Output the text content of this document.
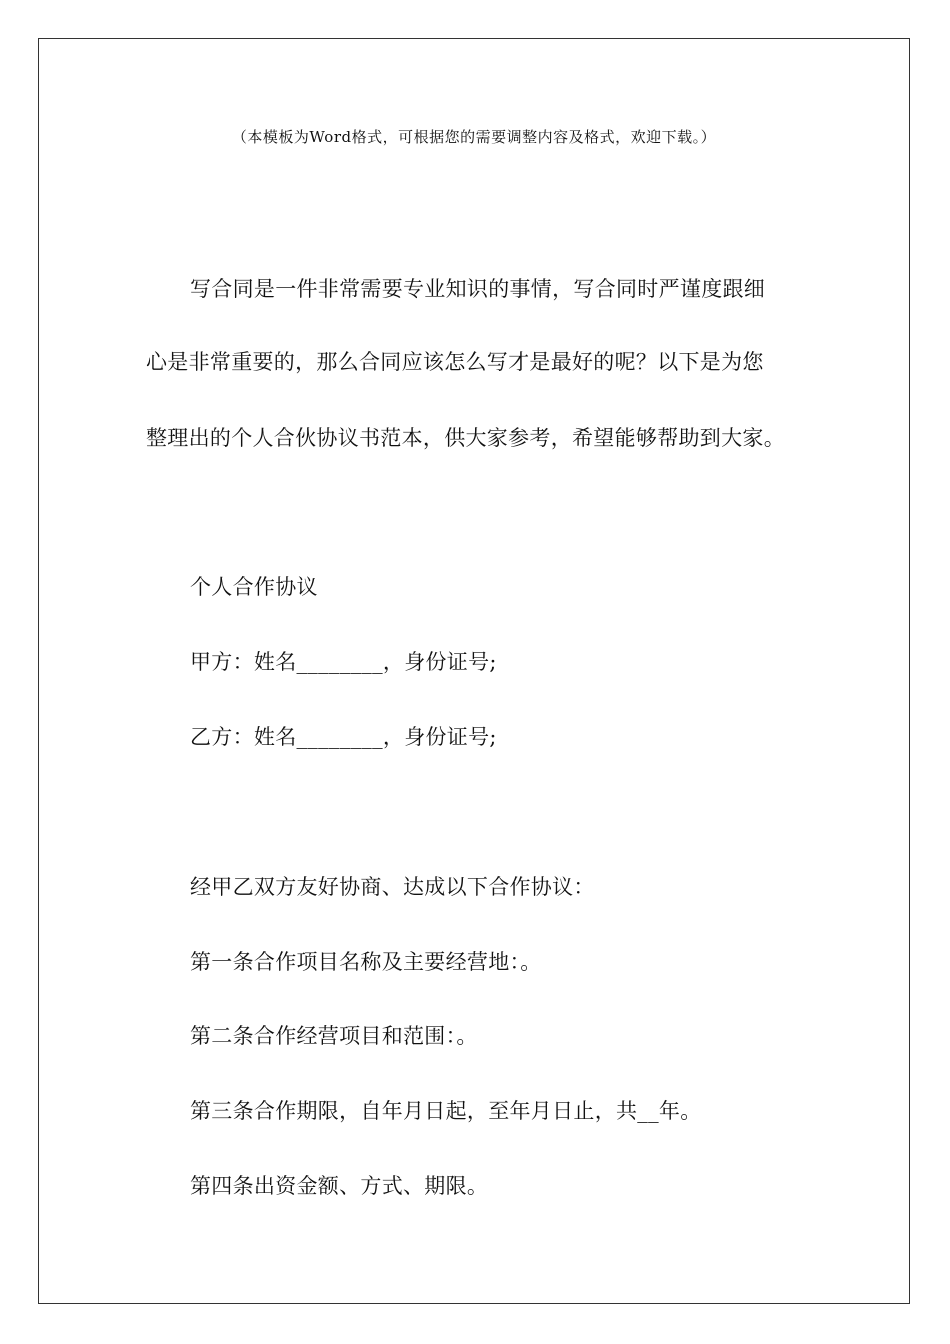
（本模板为Word格式，可根据您的需要调整内容及格式，欢迎下载。）
写合同是一件非常需要专业知识的事情，写合同时严谨度跟细
心是非常重要的，那么合同应该怎么写才是最好的呢？以下是为您
整理出的个人合伙协议书范本，供大家参考，希望能够帮助到大家。
个人合作协议
甲方：姓名________，身份证号;
乙方：姓名________，身份证号;
经甲乙双方友好协商、达成以下合作协议：
第一条合作项目名称及主要经营地：。
第二条合作经营项目和范围：。
第三条合作期限，自年月日起，至年月日止，共__年。
第四条出资金额、方式、期限。
